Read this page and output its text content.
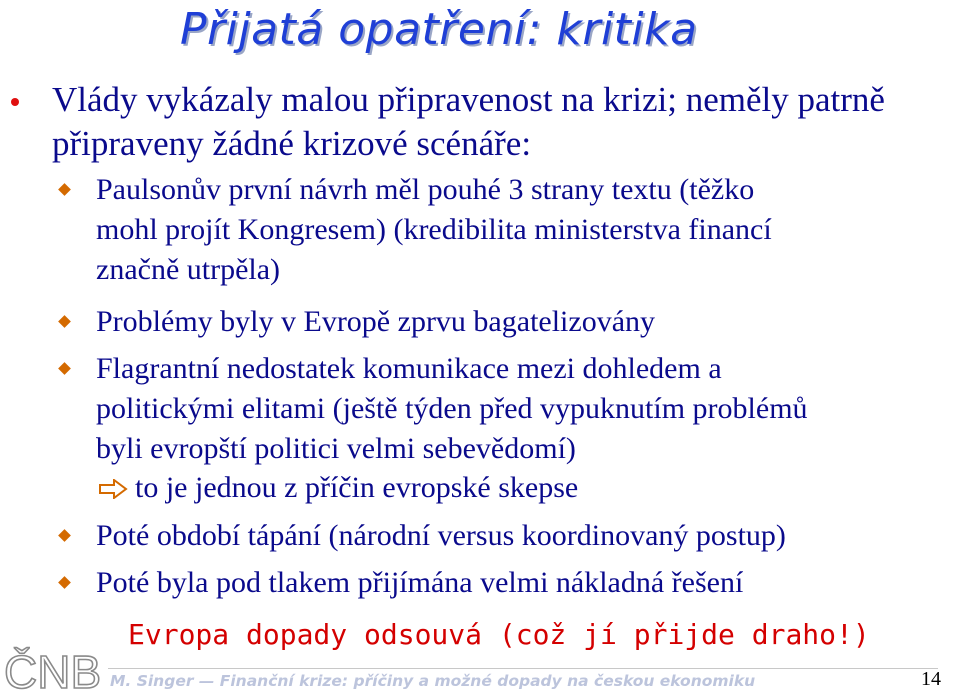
Přijatá opatření: kritika
Vlády vykázaly malou připravenost na krizi; neměly patrně připraveny žádné krizové scénáře:
Paulsonův první návrh měl pouhé 3 strany textu (těžko
mohl projít Kongresem) (kredibilita ministerstva financí
značně utrpěla)
Problémy byly v Evropě zprvu bagatelizovány
Flagrantní nedostatek komunikace mezi dohledem a
politickými elitami (ještě týden před vypuknutím problémů
byli evropští politici velmi sebevědomí)
to je jednou z příčin evropské skepse
Poté období tápání (národní versus koordinovaný postup)
Poté byla pod tlakem přijímána velmi nákladná řešení
Evropa dopady odsouvá (což jí přijde draho!)
ČNB M. Singer — Finanční krize: příčiny a možné dopady na českou ekonomiku	14
